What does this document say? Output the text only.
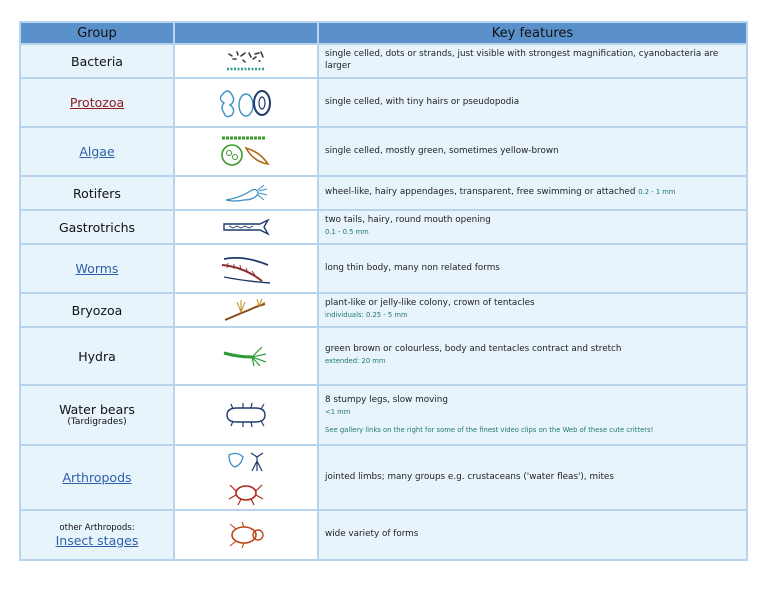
Group		Key features
Bacteria		single celled, dots or strands, just visible with strongest magnification, cyanobacteria are larger
Protozoa		single celled, with tiny hairs or pseudopodia
Algae		single celled, mostly green, sometimes yellow-brown
Rotifers		wheel-like, hairy appendages, transparent, free swimming or attached 0.2 - 1 mm
Gastrotrichs		two tails, hairy, round mouth opening
0.1 - 0.5 mm
Worms		long thin body, many non related forms
Bryozoa		plant-like or jelly-like colony, crown of tentacles
individuals: 0.25 - 5 mm
Hydra		green brown or colourless, body and tentacles contract and stretch
extended: 20 mm
Water bears
(Tardigrades)		8 stumpy legs, slow moving
<1 mm
See gallery links on the right for some of the finest video clips on the Web of these cute critters!

Arthropods		jointed limbs; many groups e.g. crustaceans ('water fleas'), mites

other Arthropods:
Insect stages		wide variety of forms
